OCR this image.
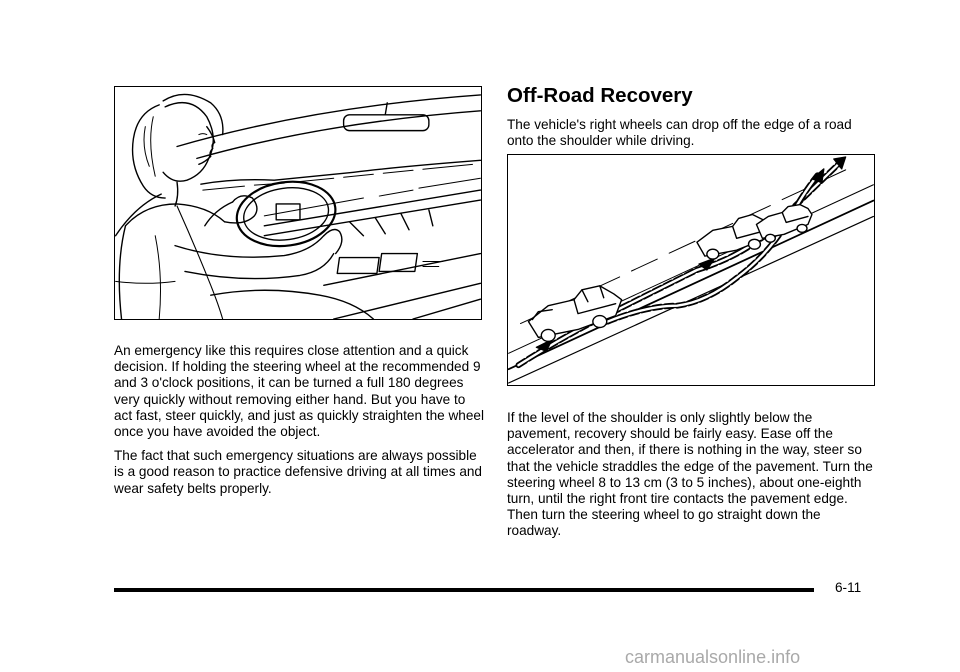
An emergency like this requires close attention and a quick decision. If holding the steering wheel at the recommended 9 and 3 o'clock positions, it can be turned a full 180 degrees very quickly without removing either hand. But you have to act fast, steer quickly, and just as quickly straighten the wheel once you have avoided the object.

The fact that such emergency situations are always possible is a good reason to practice defensive driving at all times and wear safety belts properly.

Off-Road Recovery

The vehicle's right wheels can drop off the edge of a road onto the shoulder while driving.

If the level of the shoulder is only slightly below the pavement, recovery should be fairly easy. Ease off the accelerator and then, if there is nothing in the way, steer so that the vehicle straddles the edge of the pavement. Turn the steering wheel 8 to 13 cm (3 to 5 inches), about one-eighth turn, until the right front tire contacts the pavement edge. Then turn the steering wheel to go straight down the roadway.

6-11
carmanualsonline.info
